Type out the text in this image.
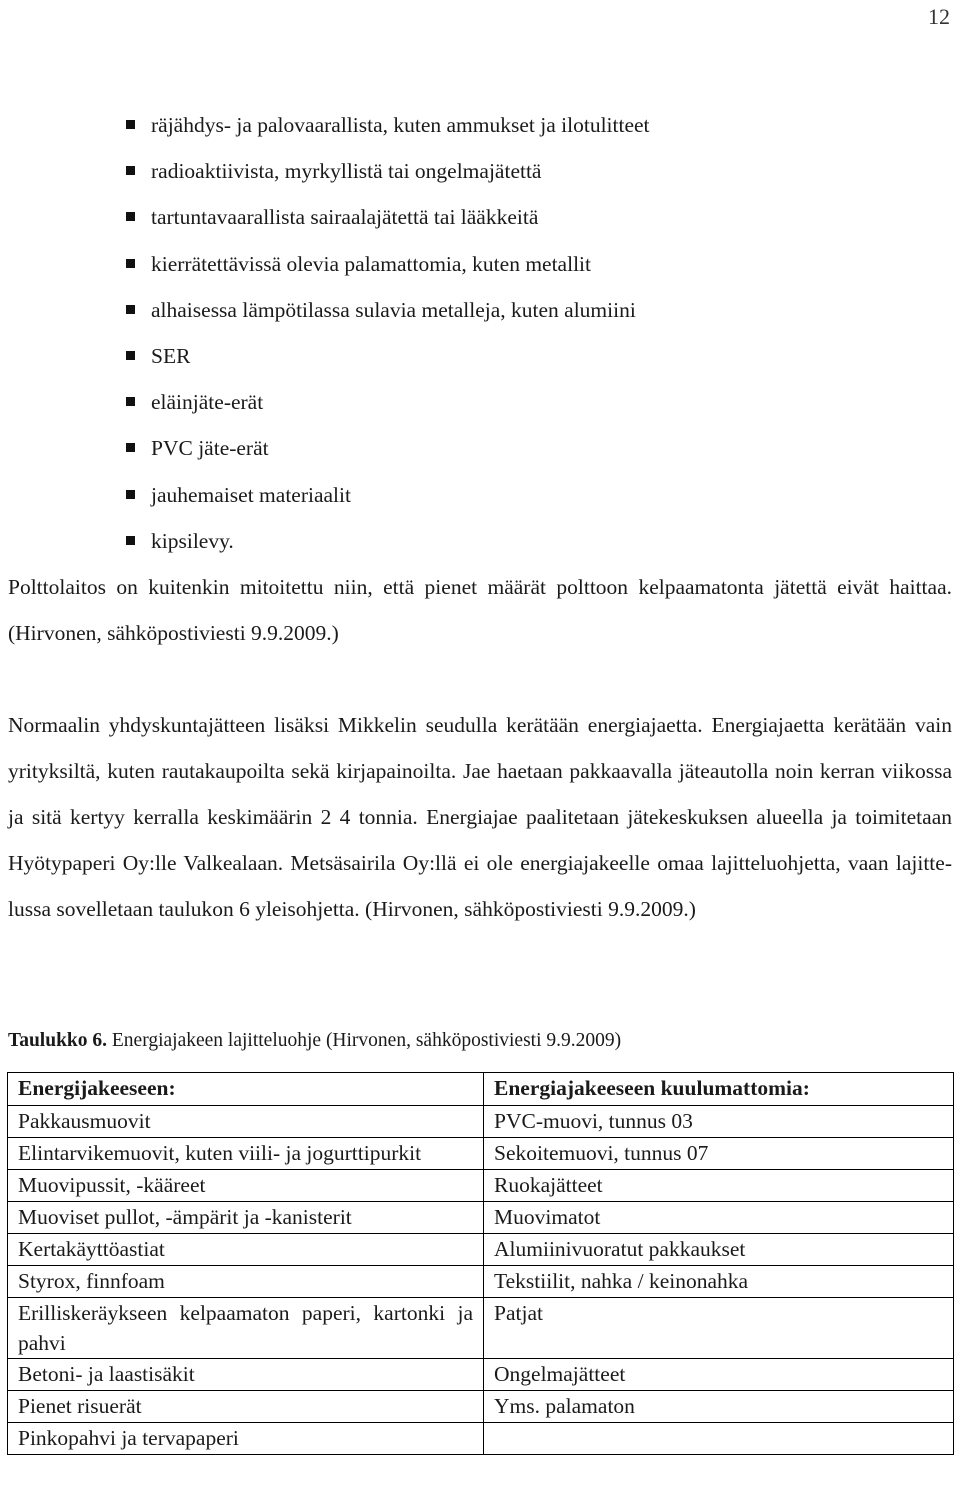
12
räjähdys- ja palovaarallista, kuten ammukset ja ilotulitteet
radioaktiivista, myrkyllistä tai ongelmajätettä
tartuntavaarallista sairaalajätettä tai lääkkeitä
kierrätettävissä olevia palamattomia, kuten metallit
alhaisessa lämpötilassa sulavia metalleja, kuten alumiini
SER
eläinjäte-erät
PVC jäte-erät
jauhemaiset materiaalit
kipsilevy.

Polttolaitos on kuitenkin mitoitettu niin, että pienet määrät polttoon kelpaamatonta jätettä eivät haittaa. (Hirvonen, sähköpostiviesti 9.9.2009.)

Normaalin yhdyskuntajätteen lisäksi Mikkelin seudulla kerätään energiajaetta. Energiajaetta kerätään vain yrityksiltä, kuten rautakaupoilta sekä kirjapainoilta. Jae haetaan pakkaavalla jäteautolla noin kerran viikossa ja sitä kertyy kerralla keskimäärin 2 4 tonnia. Energiajae paalitetaan jätekeskuksen alueella ja toimitetaan Hyötypaperi Oy:lle Valkealaan. Metsäsairila Oy:llä ei ole energiajakeelle omaa lajitteluohjetta, vaan lajittelussa sovelletaan taulukon 6 yleisohjetta. (Hirvonen, sähköpostiviesti 9.9.2009.)

Taulukko 6. Energiajakeen lajitteluohje (Hirvonen, sähköpostiviesti 9.9.2009)

Energijakeeseen:	Energiajakeeseen kuulumattomia:
Pakkausmuovit	PVC-muovi, tunnus 03
Elintarvikemuovit, kuten viili- ja jogurttipurkit	Sekoitemuovi, tunnus 07
Muovipussit, -kääreet	Ruokajätteet
Muoviset pullot, -ämpärit ja -kanisterit	Muovimatot
Kertakäyttöastiat	Alumiinivuoratut pakkaukset
Styrox, finnfoam	Tekstiilit, nahka / keinonahka
Erilliskeräykseen kelpaamaton paperi, kartonki ja pahvi	Patjat
Betoni- ja laastisäkit	Ongelmajätteet
Pienet risuerät	Yms. palamaton
Pinkopahvi ja tervapaperi	
